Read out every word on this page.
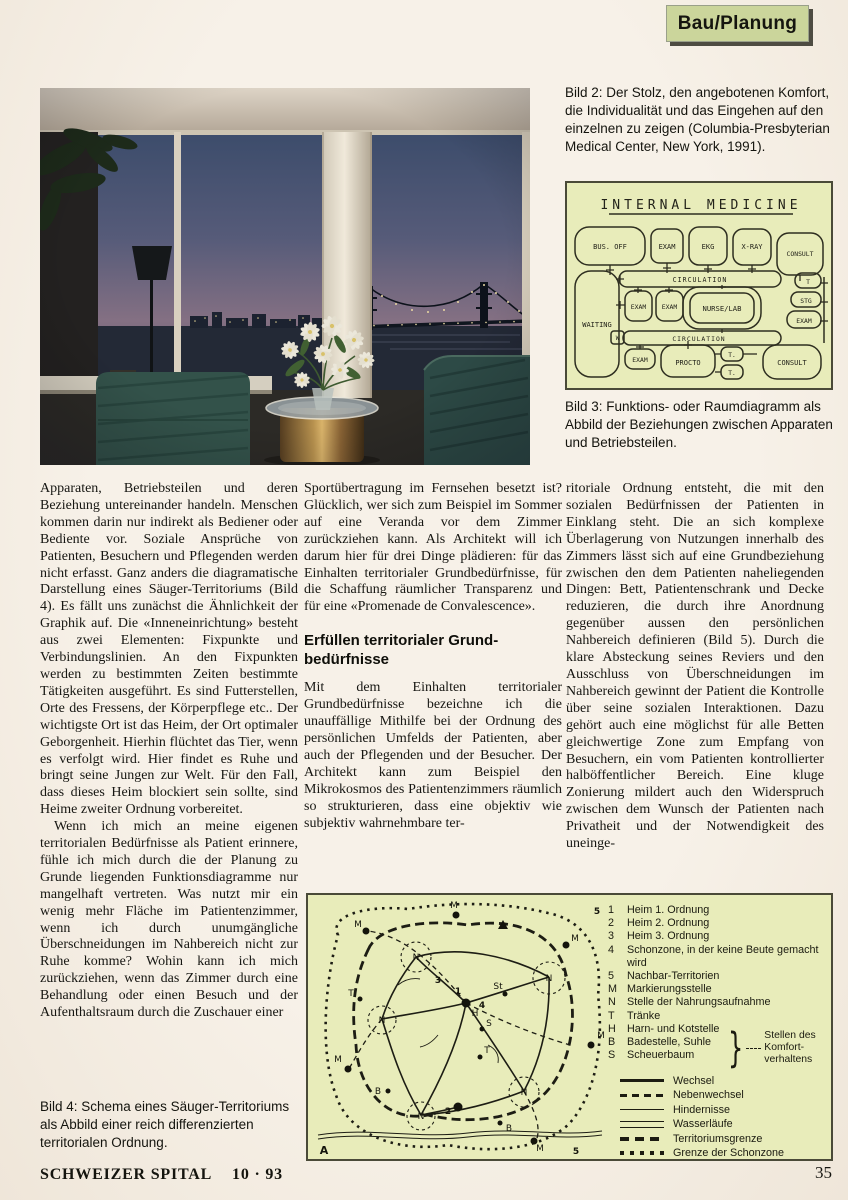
Bau/Planung
Bild 2: Der Stolz, den angebotenen Komfort, die Individualität und das Eingehen auf den einzelnen zu zeigen (Columbia-Presbyterian Medical Center, New York, 1991).
INTERNAL MEDICINE
BUS. OFF	EXAM	EKG	X-RAY
CONSULT
CIRCULATION
WAITING
EXAM EXAM	NURSE/LAB
T
STG
EXAM
CIRCULATION
W
EXAM	PROCTO
T.
T.
CONSULT
Bild 3: Funktions- oder Raumdiagramm als Abbild der Beziehungen zwischen Apparaten und Betriebsteilen.

Apparaten, Betriebsteilen und deren Beziehung untereinander handeln. Menschen kommen darin nur indirekt als Bediener oder Bediente vor. Soziale Ansprüche von Patienten, Besuchern und Pflegenden werden nicht erfasst. Ganz anders die diagramatische Darstellung eines Säuger-Territoriums (Bild 4). Es fällt uns zunächst die Ähnlichkeit der Graphik auf. Die «Inneneinrichtung» besteht aus zwei Elementen: Fixpunkte und Verbindungslinien. An den Fixpunkten werden zu bestimmten Zeiten bestimmte Tätigkeiten ausgeführt. Es sind Futterstellen, Orte des Fressens, der Körperpflege etc.. Der wichtigste Ort ist das Heim, der Ort optimaler Geborgenheit. Hierhin flüchtet das Tier, wenn es verfolgt wird. Hier findet es Ruhe und bringt seine Jungen zur Welt. Für den Fall, dass dieses Heim blockiert sein sollte, sind Heime zweiter Ordnung vorbereitet.

Wenn ich mich an meine eigenen territorialen Bedürfnisse als Patient erinnere, fühle ich mich durch die der Planung zu Grunde liegenden Funktionsdiagramme nur mangelhaft vertreten. Was nutzt mir ein wenig mehr Fläche im Patientenzimmer, wenn ich durch unumgängliche Überschneidungen im Nahbereich nicht zur Ruhe komme? Wohin kann ich mich zurückziehen, wenn das Zimmer durch eine Behandlung oder einen Besuch und der Aufenthaltsraum durch die Zuschauer einer

Sportübertragung im Fernsehen besetzt ist? Glücklich, wer sich zum Beispiel im Sommer auf eine Veranda vor dem Zimmer zurückziehen kann. Als Architekt will ich darum hier für drei Dinge plädieren: für das Einhalten territorialer Grundbedürfnisse, für die Schaffung räumlicher Transparenz und für eine «Promenade de Convalescence».

Erfüllen territorialer Grund-
bedürfnisse

Mit dem Einhalten territorialer Grundbedürfnisse bezeichne ich die unauffällige Mithilfe bei der Ordnung des persönlichen Umfelds der Patienten, aber auch der Pflegenden und der Besucher. Der Architekt kann zum Beispiel den Mikrokosmos des Patientenzimmers räumlich so strukturieren, dass eine objektiv wie subjektiv wahrnehmbare ter-

ritoriale Ordnung entsteht, die mit den sozialen Bedürfnissen der Patienten in Einklang steht. Die an sich komplexe Überlagerung von Nutzungen innerhalb des Zimmers lässt sich auf eine Grundbeziehung zwischen den dem Patienten naheliegenden Dingen: Bett, Patientenschrank und Decke reduzieren, die durch ihre Anordnung gegenüber aussen den persönlichen Nahbereich definieren (Bild 5). Durch die klare Absteckung seines Reviers und den Ausschluss von Überschneidungen im Nahbereich gewinnt der Patient die Kontrolle über seine sozialen Interaktionen. Dazu gehört auch eine möglichst für alle Betten gleichwertige Zone zum Empfang von Besuchern, ein vom Patienten kontrollierter halböffentlicher Bereich. Eine kluge Zonierung mildert auch den Widerspruch zwischen dem Wunsch der Patienten nach Privatheit und der Notwendigkeit des uneinge-

M
M
M
M
M
M
N
N
N
N
N
T
T
B
B
S
St
H
1
2
3
4
5
5
A
1	Heim 1. Ordnung
2	Heim 2. Ordnung
3	Heim 3. Ordnung
4	Schonzone, in der keine Beute gemacht wird
5	Nachbar-Territorien
M Markierungsstelle
N	Stelle der Nahrungsaufnahme
T	Tränke
H	Harn- und Kotstelle
B	Badestelle, Suhle
S	Scheuerbaum	} Stellen des
Komfort-
verhaltens
Wechsel
Nebenwechsel
Hindernisse
Wasserläufe
Territoriumsgrenze
Grenze der Schonzone
Bild 4: Schema eines Säuger-Territoriums als Abbild einer reich differenzierten territorialen Ordnung.
SCHWEIZER SPITAL 10 · 93	35
